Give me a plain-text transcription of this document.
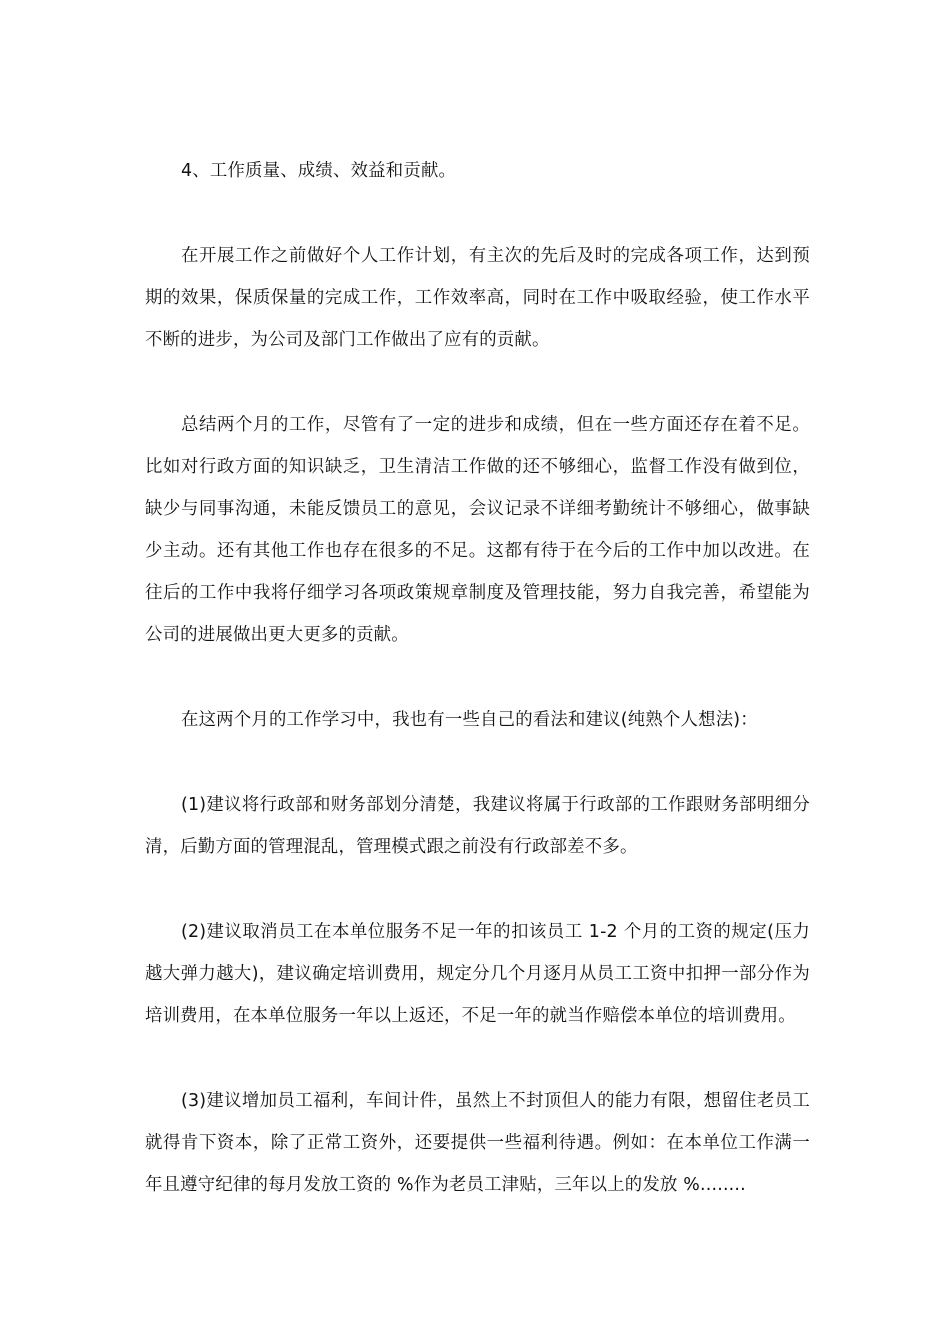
4、工作质量、成绩、效益和贡献。

在开展工作之前做好个人工作计划，有主次的先后及时的完成各项工作，达到预期的效果，保质保量的完成工作，工作效率高，同时在工作中吸取经验，使工作水平不断的进步，为公司及部门工作做出了应有的贡献。

总结两个月的工作，尽管有了一定的进步和成绩，但在一些方面还存在着不足。比如对行政方面的知识缺乏，卫生清洁工作做的还不够细心，监督工作没有做到位，缺少与同事沟通，未能反馈员工的意见，会议记录不详细考勤统计不够细心，做事缺少主动。还有其他工作也存在很多的不足。这都有待于在今后的工作中加以改进。在往后的工作中我将仔细学习各项政策规章制度及管理技能，努力自我完善，希望能为公司的进展做出更大更多的贡献。

在这两个月的工作学习中，我也有一些自己的看法和建议(纯熟个人想法)：

(1)建议将行政部和财务部划分清楚，我建议将属于行政部的工作跟财务部明细分清，后勤方面的管理混乱，管理模式跟之前没有行政部差不多。

(2)建议取消员工在本单位服务不足一年的扣该员工 1-2 个月的工资的规定(压力越大弹力越大)，建议确定培训费用，规定分几个月逐月从员工工资中扣押一部分作为培训费用，在本单位服务一年以上返还，不足一年的就当作赔偿本单位的培训费用。

(3)建议增加员工福利，车间计件，虽然上不封顶但人的能力有限，想留住老员工就得肯下资本，除了正常工资外，还要提供一些福利待遇。例如：在本单位工作满一年且遵守纪律的每月发放工资的 %作为老员工津贴，三年以上的发放 %........
